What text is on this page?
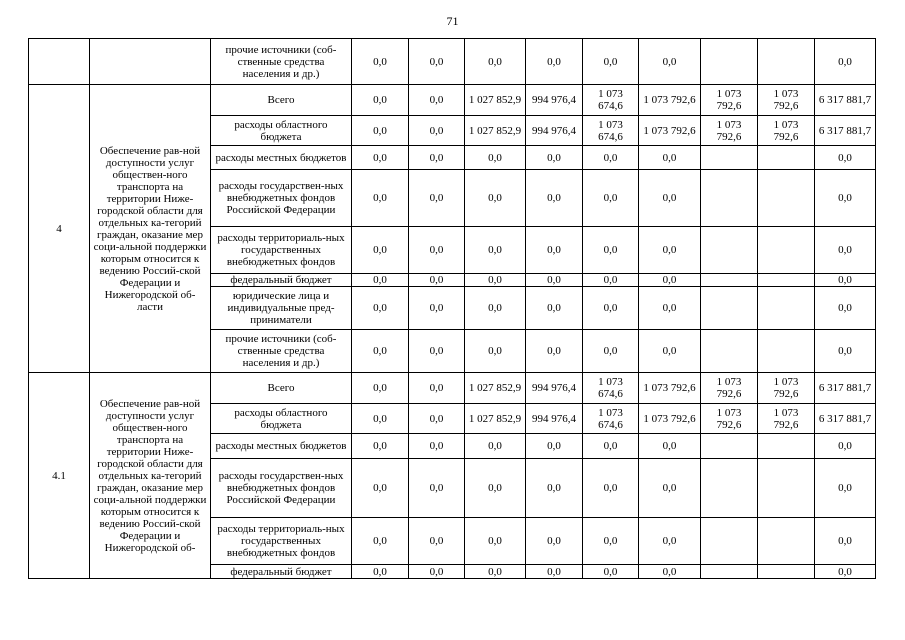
71
		прочие источники (соб-ственные средства населения и др.)	0,0	0,0	0,0	0,0	0,0	0,0			0,0
4	Обеспечение рав-ной доступности услуг обществен-ного транспорта на территории Ниже-городской области для отдельных ка-тегорий граждан, оказание мер соци-альной поддержки которым относится к ведению Россий-ской Федерации и Нижегородской об-ласти	Всего	0,0	0,0	1 027 852,9	994 976,4	1 073 674,6	1 073 792,6	1 073 792,6	1 073 792,6	6 317 881,7
		расходы областного бюджета	0,0	0,0	1 027 852,9	994 976,4	1 073 674,6	1 073 792,6	1 073 792,6	1 073 792,6	6 317 881,7
		расходы местных бюджетов	0,0	0,0	0,0	0,0	0,0	0,0			0,0
		расходы государствен-ных внебюджетных фондов Российской Федерации	0,0	0,0	0,0	0,0	0,0	0,0			0,0
		расходы территориаль-ных государственных внебюджетных фондов	0,0	0,0	0,0	0,0	0,0	0,0			0,0
		федеральный бюджет	0,0	0,0	0,0	0,0	0,0	0,0			0,0
		юридические лица и индивидуальные пред-приниматели	0,0	0,0	0,0	0,0	0,0	0,0			0,0
		прочие источники (соб-ственные средства населения и др.)	0,0	0,0	0,0	0,0	0,0	0,0			0,0
4.1	Обеспечение рав-ной доступности услуг обществен-ного транспорта на территории Ниже-городской области для отдельных ка-тегорий граждан, оказание мер соци-альной поддержки которым относится к ведению Россий-ской Федерации и Нижегородской об-	Всего	0,0	0,0	1 027 852,9	994 976,4	1 073 674,6	1 073 792,6	1 073 792,6	1 073 792,6	6 317 881,7
		расходы областного бюджета	0,0	0,0	1 027 852,9	994 976,4	1 073 674,6	1 073 792,6	1 073 792,6	1 073 792,6	6 317 881,7
		расходы местных бюджетов	0,0	0,0	0,0	0,0	0,0	0,0			0,0
		расходы государствен-ных внебюджетных фондов Российской Федерации	0,0	0,0	0,0	0,0	0,0	0,0			0,0
		расходы территориаль-ных государственных внебюджетных фондов	0,0	0,0	0,0	0,0	0,0	0,0			0,0
		федеральный бюджет	0,0	0,0	0,0	0,0	0,0	0,0			0,0
